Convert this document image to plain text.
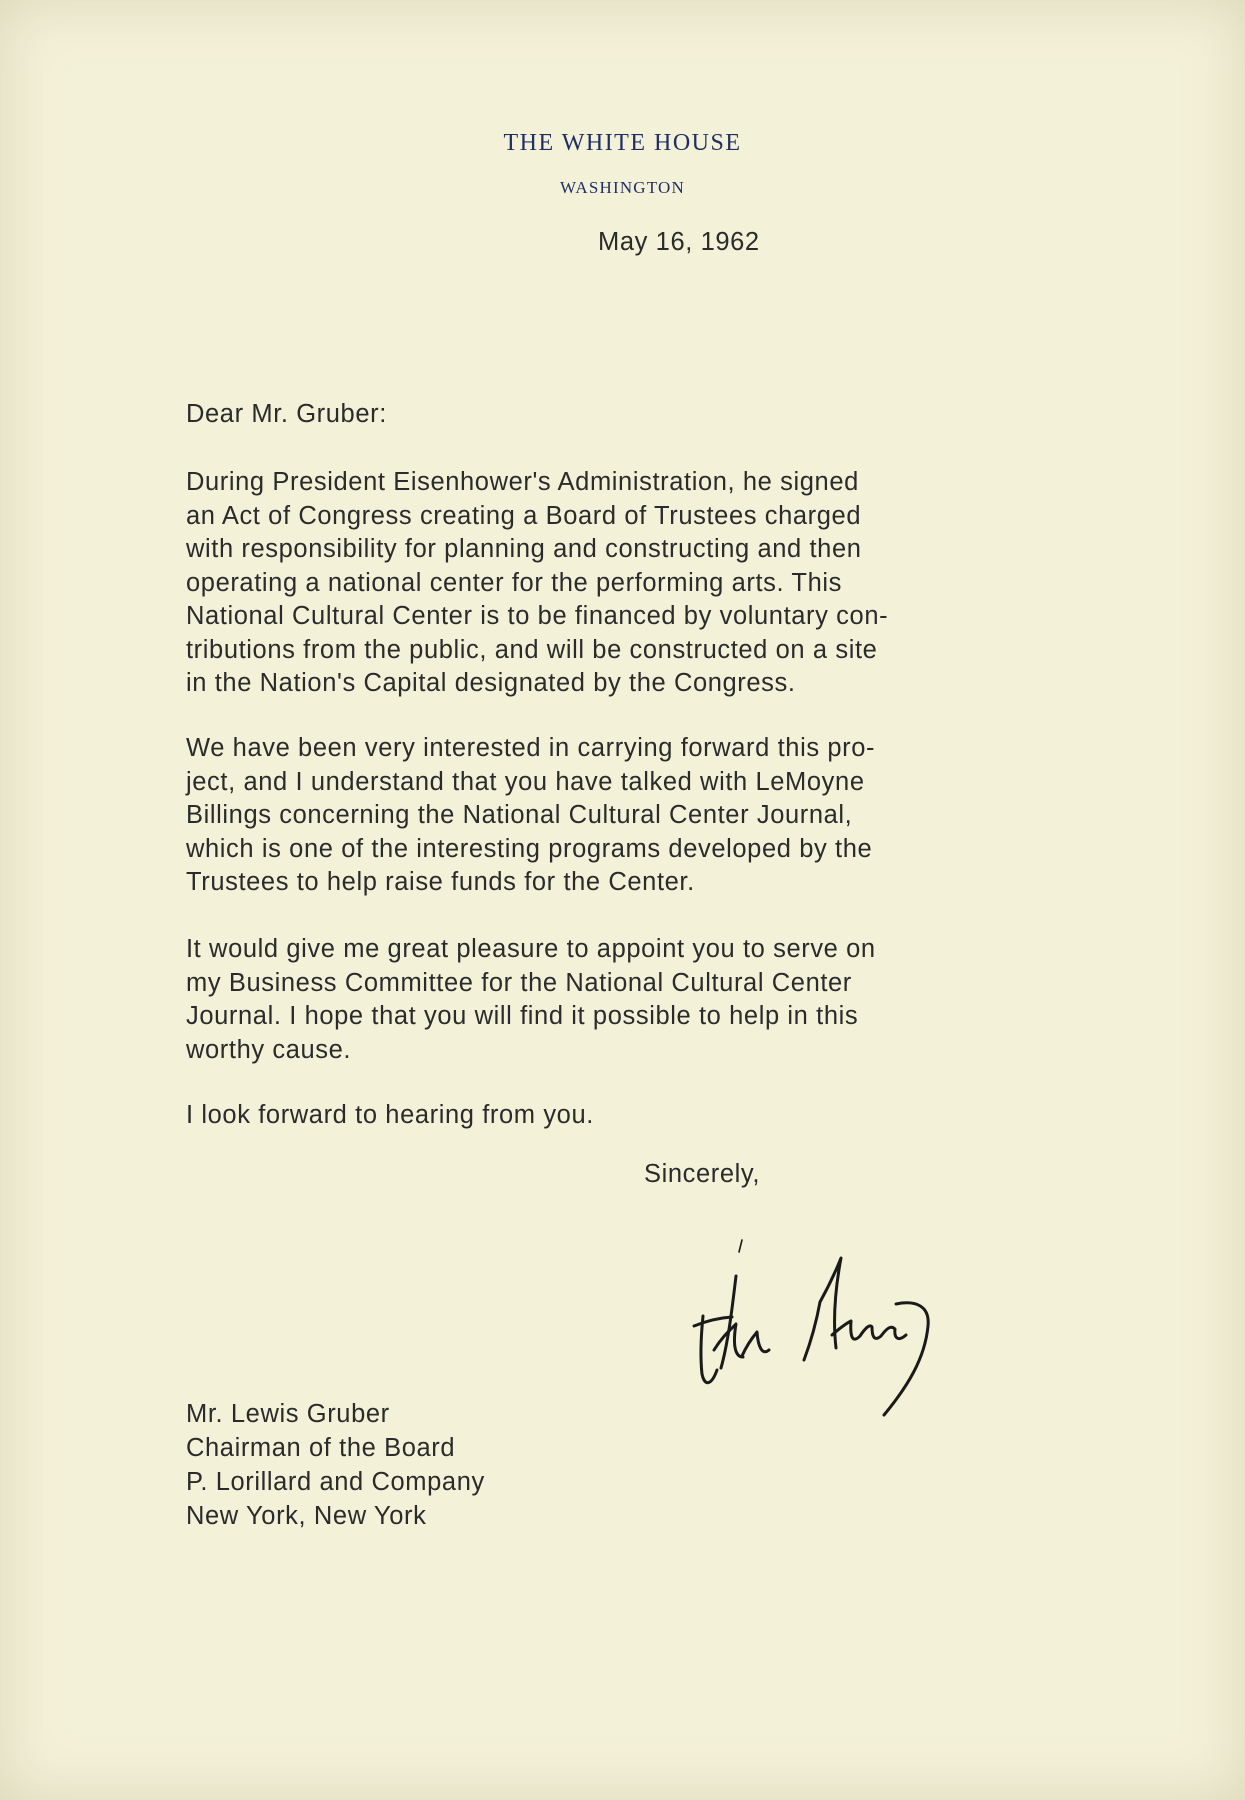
THE WHITE HOUSE
WASHINGTON
May 16, 1962
Dear Mr. Gruber:
During President Eisenhower's Administration, he signed
an Act of Congress creating a Board of Trustees charged
with responsibility for planning and constructing and then
operating a national center for the performing arts. This
National Cultural Center is to be financed by voluntary con-
tributions from the public, and will be constructed on a site
in the Nation's Capital designated by the Congress.
We have been very interested in carrying forward this pro-
ject, and I understand that you have talked with LeMoyne
Billings concerning the National Cultural Center Journal,
which is one of the interesting programs developed by the
Trustees to help raise funds for the Center.
It would give me great pleasure to appoint you to serve on
my Business Committee for the National Cultural Center
Journal. I hope that you will find it possible to help in this
worthy cause.
I look forward to hearing from you.
Sincerely,
Mr. Lewis Gruber
Chairman of the Board
P. Lorillard and Company
New York, New York
